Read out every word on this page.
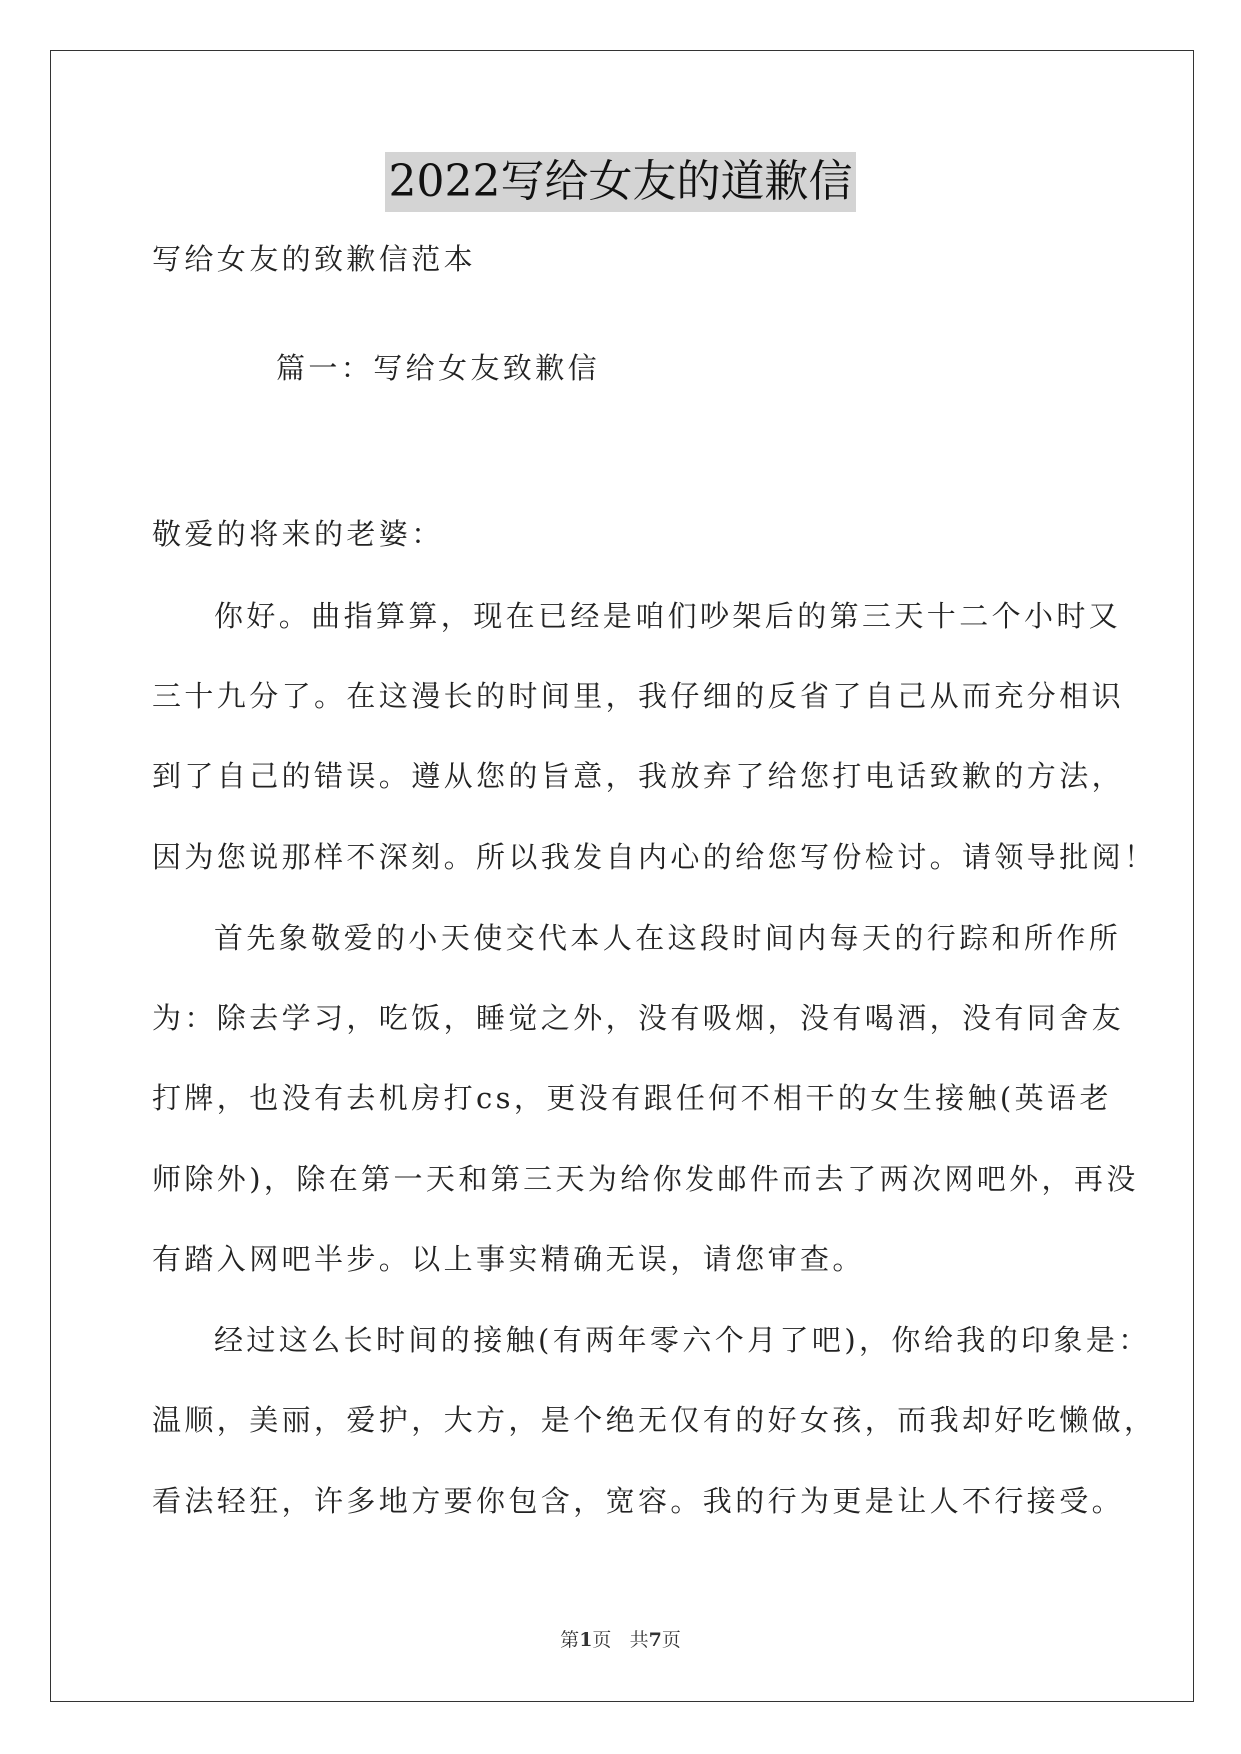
2022写给女友的道歉信
写给女友的致歉信范本
篇一：写给女友致歉信
敬爱的将来的老婆：
你好。曲指算算，现在已经是咱们吵架后的第三天十二个小时又
三十九分了。在这漫长的时间里，我仔细的反省了自己从而充分相识
到了自己的错误。遵从您的旨意，我放弃了给您打电话致歉的方法，
因为您说那样不深刻。所以我发自内心的给您写份检讨。请领导批阅！
首先象敬爱的小天使交代本人在这段时间内每天的行踪和所作所
为：除去学习，吃饭，睡觉之外，没有吸烟，没有喝酒，没有同舍友
打牌，也没有去机房打cs，更没有跟任何不相干的女生接触(英语老
师除外)，除在第一天和第三天为给你发邮件而去了两次网吧外，再没
有踏入网吧半步。以上事实精确无误，请您审查。
经过这么长时间的接触(有两年零六个月了吧)，你给我的印象是：
温顺，美丽，爱护，大方，是个绝无仅有的好女孩，而我却好吃懒做，
看法轻狂，许多地方要你包含，宽容。我的行为更是让人不行接受。
第1页 共7页
